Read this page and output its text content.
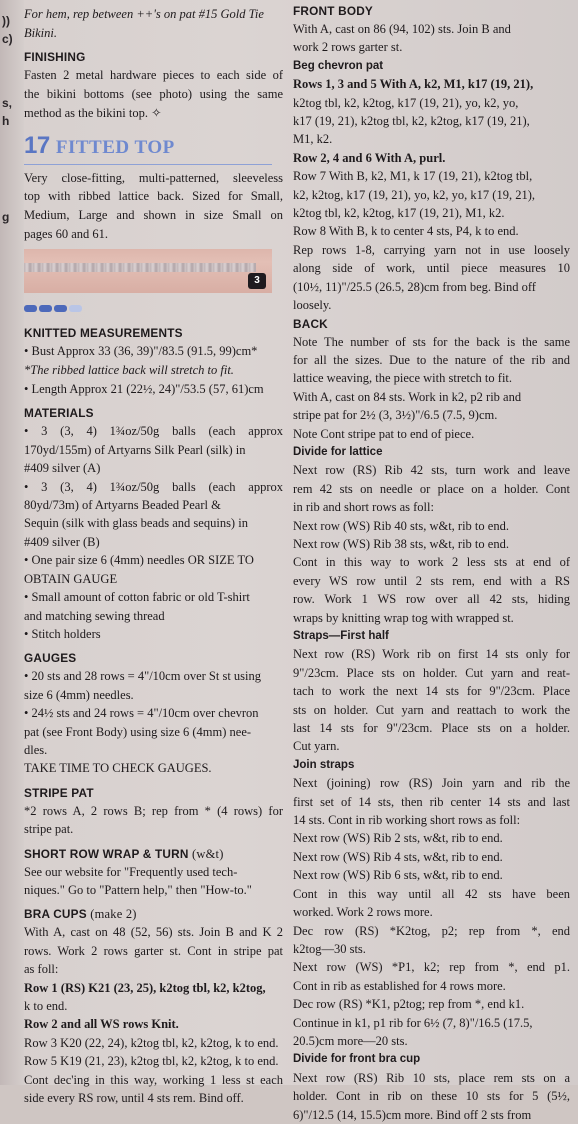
))
c)
s,
h
g
For hem, rep between ++'s on pat #15 Gold Tie
Bikini.
FINISHING
Fasten 2 metal hardware pieces to each side of
the bikini bottoms (see photo) using the same
method as the bikini top. ✧
17 FITTED TOP
Very close-fitting, multi-patterned, sleeveless
top with ribbed lattice back. Sized for Small,
Medium, Large and shown in size Small on
pages 60 and 61.
3
KNITTED MEASUREMENTS
• Bust Approx 33 (36, 39)"/83.5 (91.5, 99)cm*
*The ribbed lattice back will stretch to fit.
• Length Approx 21 (22½, 24)"/53.5 (57, 61)cm
MATERIALS
• 3 (3, 4) 1¾oz/50g balls (each approx
170yd/155m) of Artyarns Silk Pearl (silk) in
#409 silver (A)
• 3 (3, 4) 1¾oz/50g balls (each approx
80yd/73m) of Artyarns Beaded Pearl &
Sequin (silk with glass beads and sequins) in
#409 silver (B)
• One pair size 6 (4mm) needles OR SIZE TO
OBTAIN GAUGE
• Small amount of cotton fabric or old T-shirt
and matching sewing thread
• Stitch holders
GAUGES
• 20 sts and 28 rows = 4"/10cm over St st using
size 6 (4mm) needles.
• 24½ sts and 24 rows = 4"/10cm over chevron
pat (see Front Body) using size 6 (4mm) nee-
dles.
TAKE TIME TO CHECK GAUGES.
STRIPE PAT
*2 rows A, 2 rows B; rep from * (4 rows) for
stripe pat.
SHORT ROW WRAP & TURN (w&t)
See our website for "Frequently used tech-
niques." Go to "Pattern help," then "How-to."
BRA CUPS (make 2)
With A, cast on 48 (52, 56) sts. Join B and K 2
rows. Work 2 rows garter st. Cont in stripe pat
as foll:
Row 1 (RS) K21 (23, 25), k2tog tbl, k2, k2tog,
k to end.
Row 2 and all WS rows Knit.
Row 3 K20 (22, 24), k2tog tbl, k2, k2tog, k to end.
Row 5 K19 (21, 23), k2tog tbl, k2, k2tog, k to end.
Cont dec'ing in this way, working 1 less st each
side every RS row, until 4 sts rem. Bind off.
FRONT BODY
With A, cast on 86 (94, 102) sts. Join B and
work 2 rows garter st.
Beg chevron pat
Rows 1, 3 and 5 With A, k2, M1, k17 (19, 21),
k2tog tbl, k2, k2tog, k17 (19, 21), yo, k2, yo,
k17 (19, 21), k2tog tbl, k2, k2tog, k17 (19, 21),
M1, k2.
Row 2, 4 and 6 With A, purl.
Row 7 With B, k2, M1, k 17 (19, 21), k2tog tbl,
k2, k2tog, k17 (19, 21), yo, k2, yo, k17 (19, 21),
k2tog tbl, k2, k2tog, k17 (19, 21), M1, k2.
Row 8 With B, k to center 4 sts, P4, k to end.
Rep rows 1-8, carrying yarn not in use loosely
along side of work, until piece measures 10
(10½, 11)"/25.5 (26.5, 28)cm from beg. Bind off
loosely.
BACK
Note The number of sts for the back is the same
for all the sizes. Due to the nature of the rib and
lattice weaving, the piece with stretch to fit.
With A, cast on 84 sts. Work in k2, p2 rib and
stripe pat for 2½ (3, 3½)"/6.5 (7.5, 9)cm.
Note Cont stripe pat to end of piece.
Divide for lattice
Next row (RS) Rib 42 sts, turn work and leave
rem 42 sts on needle or place on a holder. Cont
in rib and short rows as foll:
Next row (WS) Rib 40 sts, w&t, rib to end.
Next row (WS) Rib 38 sts, w&t, rib to end.
Cont in this way to work 2 less sts at end of
every WS row until 2 sts rem, end with a RS
row. Work 1 WS row over all 42 sts, hiding
wraps by knitting wrap tog with wrapped st.
Straps—First half
Next row (RS) Work rib on first 14 sts only for
9"/23cm. Place sts on holder. Cut yarn and reat-
tach to work the next 14 sts for 9"/23cm. Place
sts on holder. Cut yarn and reattach to work the
last 14 sts for 9"/23cm. Place sts on a holder.
Cut yarn.
Join straps
Next (joining) row (RS) Join yarn and rib the
first set of 14 sts, then rib center 14 sts and last
14 sts. Cont in rib working short rows as foll:
Next row (WS) Rib 2 sts, w&t, rib to end.
Next row (WS) Rib 4 sts, w&t, rib to end.
Next row (WS) Rib 6 sts, w&t, rib to end.
Cont in this way until all 42 sts have been
worked. Work 2 rows more.
Dec row (RS) *K2tog, p2; rep from *, end
k2tog—30 sts.
Next row (WS) *P1, k2; rep from *, end p1.
Cont in rib as established for 4 rows more.
Dec row (RS) *K1, p2tog; rep from *, end k1.
Continue in k1, p1 rib for 6½ (7, 8)"/16.5 (17.5,
20.5)cm more—20 sts.
Divide for front bra cup
Next row (RS) Rib 10 sts, place rem sts on a
holder. Cont in rib on these 10 sts for 5 (5½,
6)"/12.5 (14, 15.5)cm more. Bind off 2 sts from
